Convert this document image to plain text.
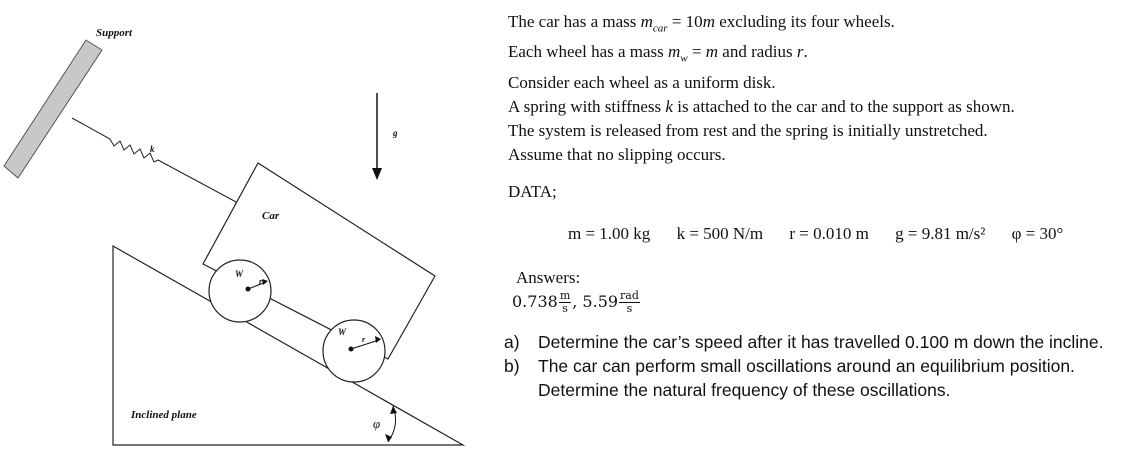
Support
k
g
Inclined plane
Car
W
r
W
r
φ
The car has a mass $m_{car} = 10m$ excluding its four wheels.
Each wheel has a mass $m_w = m$ and radius r.
Consider each wheel as a uniform disk.
A spring with stiffness k is attached to the car and to the support as shown.
The system is released from rest and the spring is initially unstretched.
Assume that no slipping occurs.
DATA;
m = 1.00 kg k = 500 N/m r = 0.010 m g = 9.81 m/s² φ = 30°
Answers:
$0.738 \frac{m}{s}$ , $5.59 \frac{\text{rad}}{s}$
a)	Determine the car’s speed after it has travelled 0.100 m down the incline.
b)	The car can perform small oscillations around an equilibrium position. Determine the natural frequency of these oscillations.
